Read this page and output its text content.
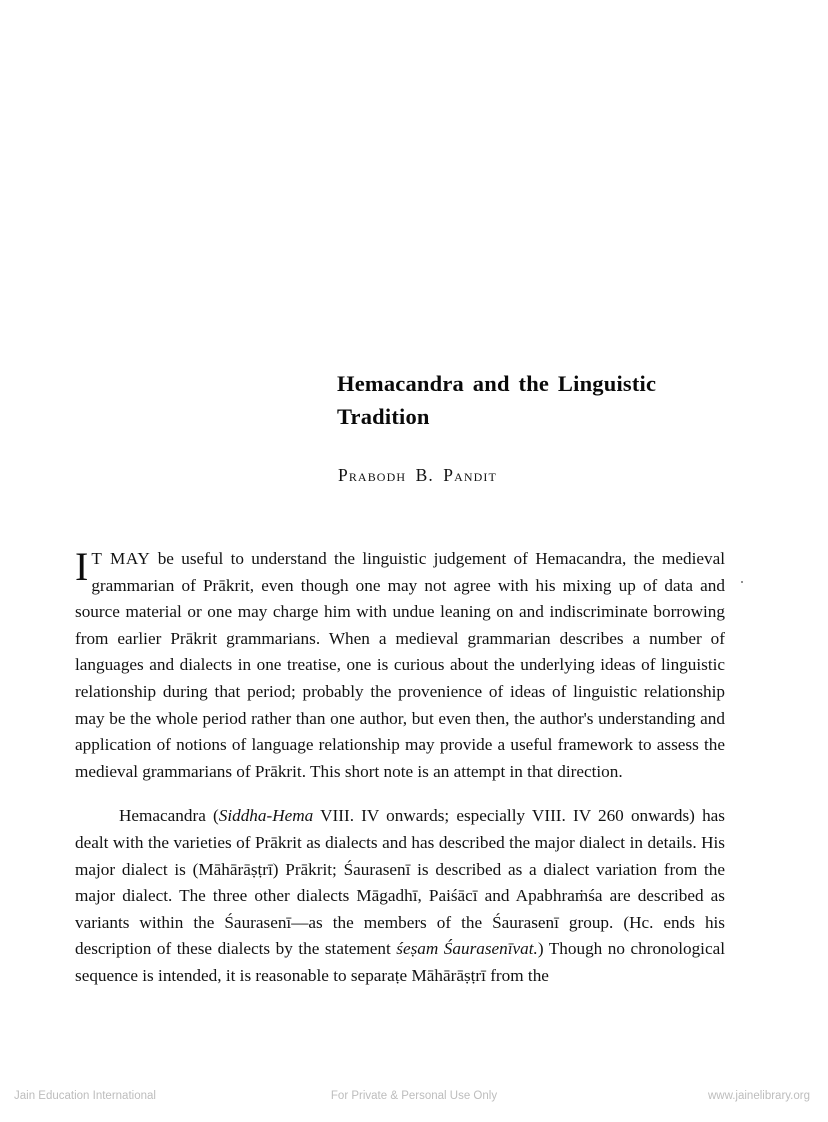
Hemacandra and the Linguistic Tradition
Prabodh B. Pandit

I T MAY be useful to understand the linguistic judgement of Hemacandra, the medieval grammarian of Prākrit, even though one may not agree with his mixing up of data and source material or one may charge him with undue leaning on and indiscriminate borrowing from earlier Prākrit grammarians. When a medieval grammarian describes a number of languages and dialects in one treatise, one is curious about the underlying ideas of linguistic relationship during that period; probably the provenience of ideas of linguistic relationship may be the whole period rather than one author, but even then, the author's understanding and application of notions of language relationship may provide a useful framework to assess the medieval grammarians of Prākrit. This short note is an attempt in that direction.

Hemacandra (Siddha-Hema VIII. IV onwards; especially VIII. IV 260 onwards) has dealt with the varieties of Prākrit as dialects and has described the major dialect in details. His major dialect is (Māhārāṣṭrī) Prākrit; Śaurasenī is described as a dialect variation from the major dialect. The three other dialects Māgadhī, Paiśācī and Apabhraṁśa are described as variants within the Śaurasenī—as the members of the Śaurasenī group. (Hc. ends his description of these dialects by the statement śeṣam Śaurasenīvat.) Though no chronological sequence is intended, it is reasonable to separaṭe Māhārāṣṭrī from the

Jain Education International	For Private & Personal Use Only	www.jainelibrary.org
